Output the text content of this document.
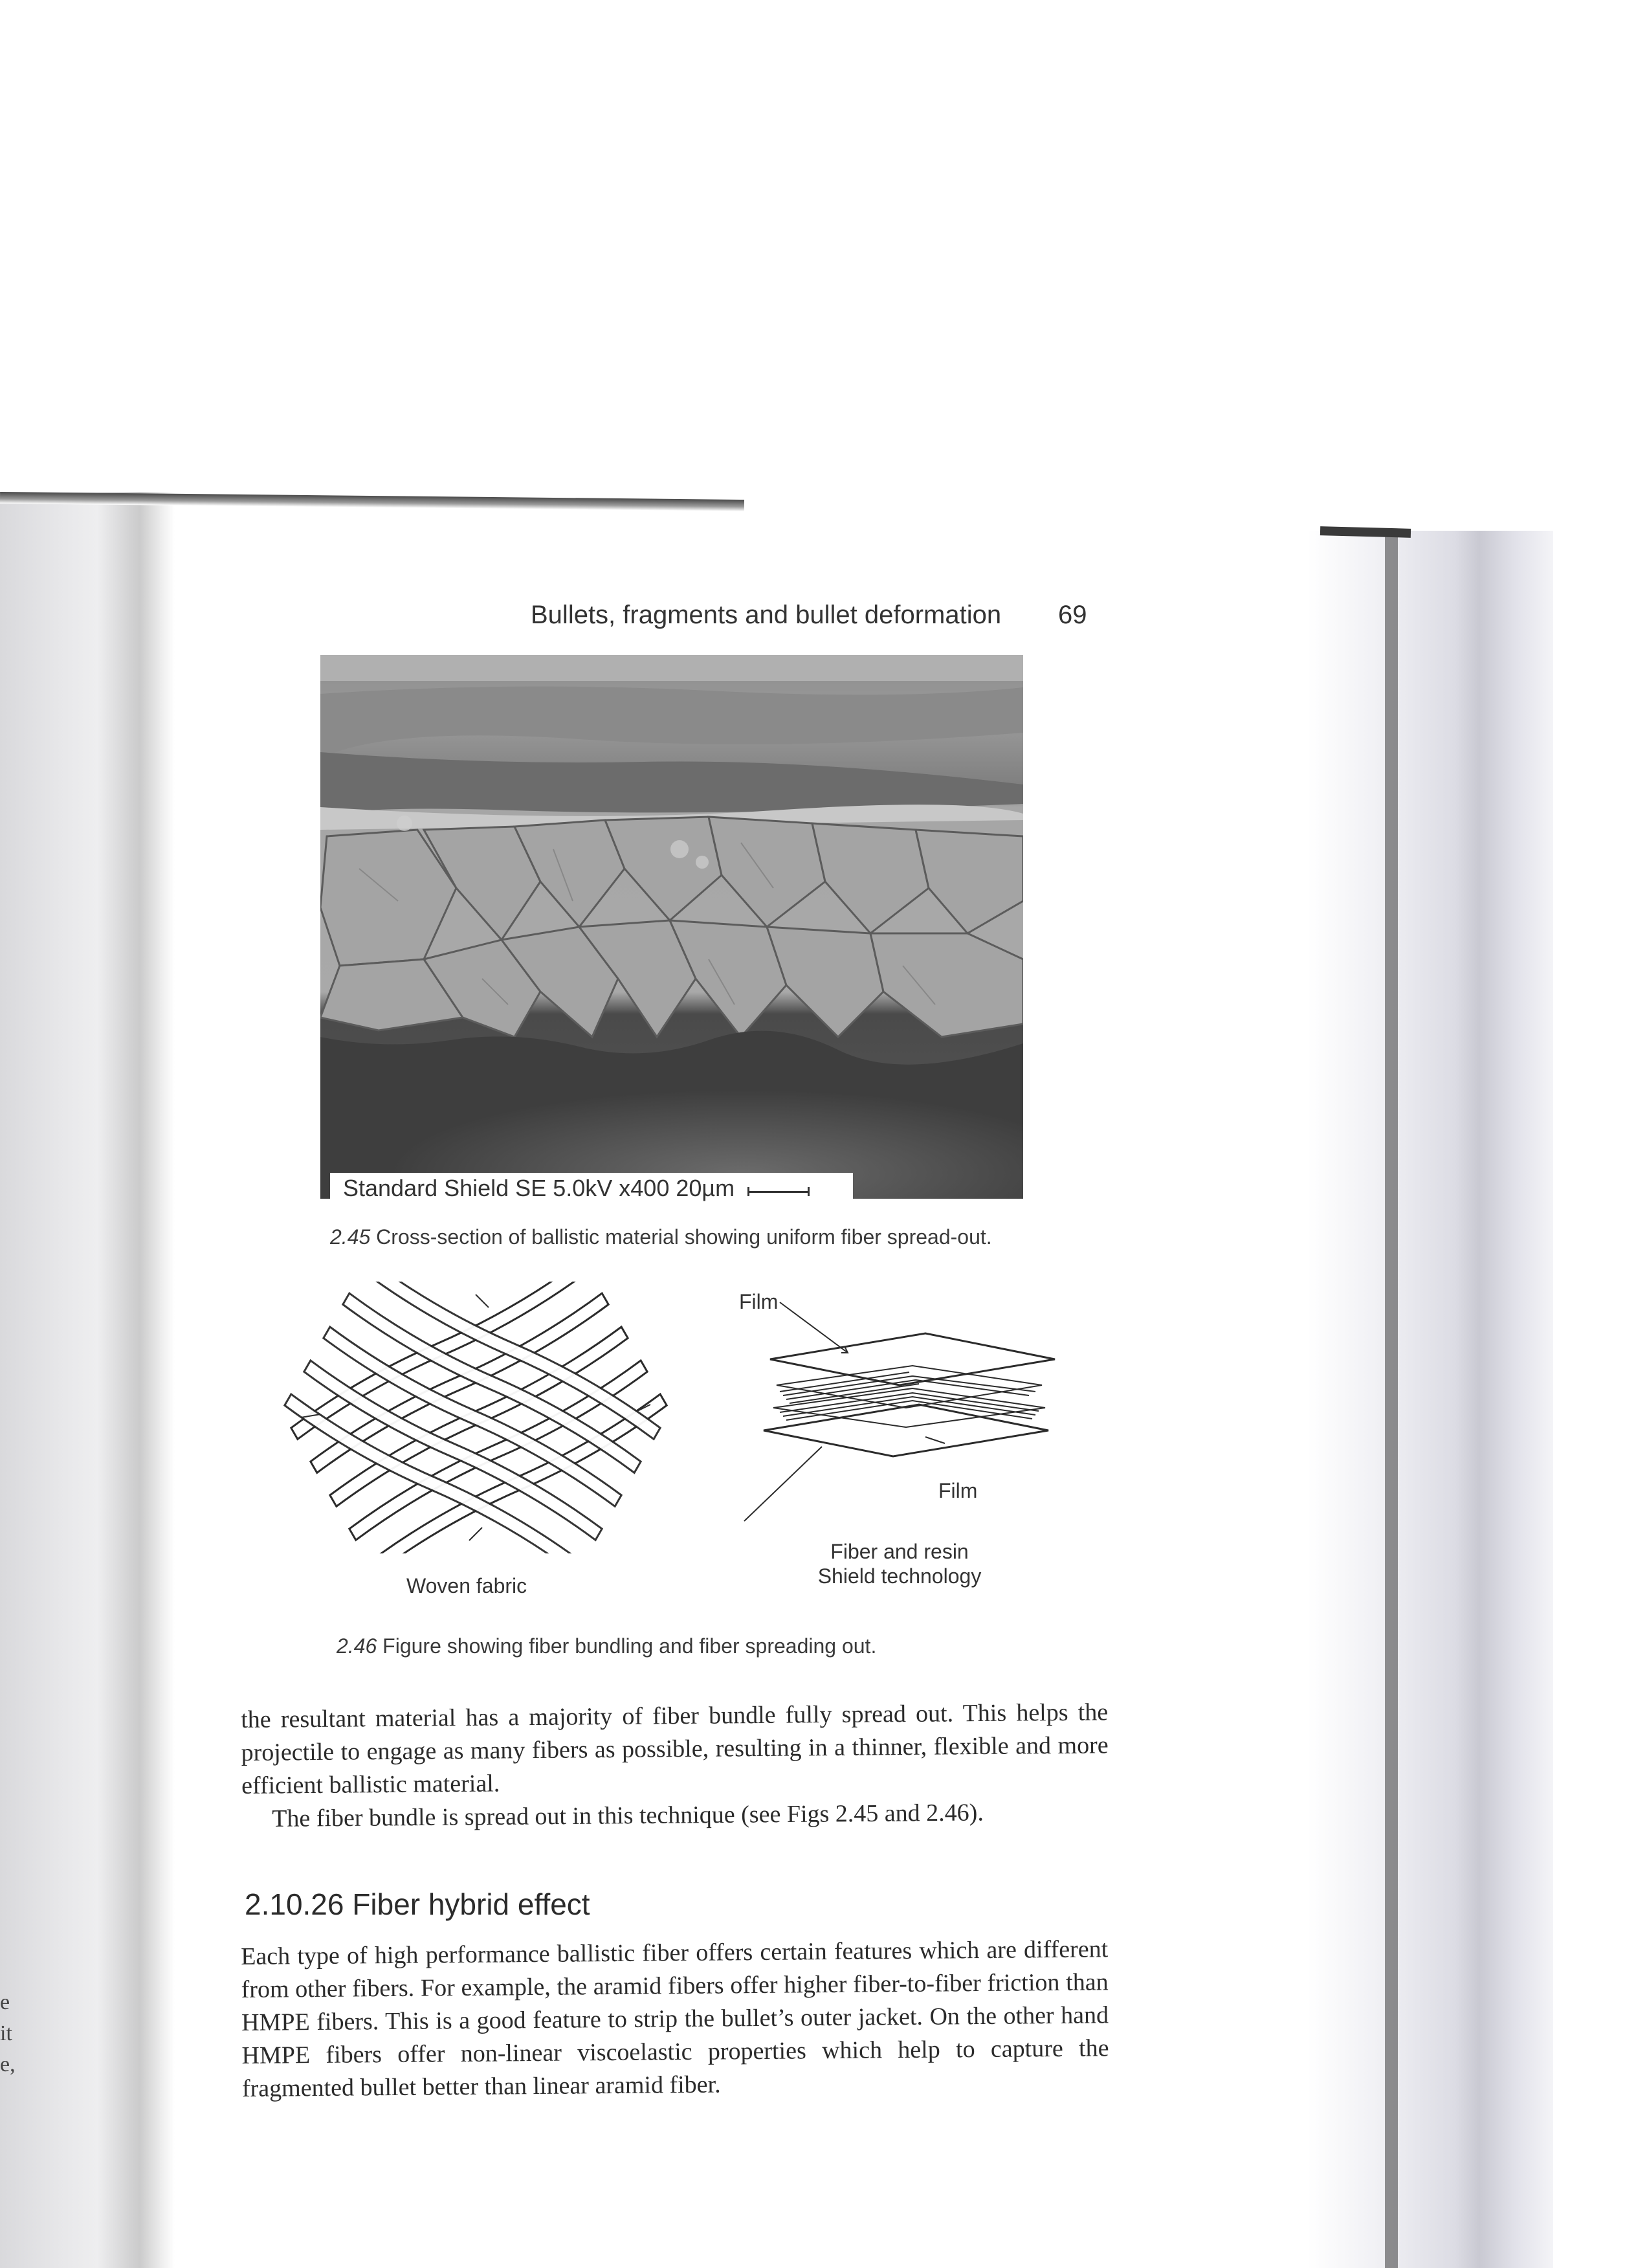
e
it
e,
Bullets, fragments and bullet deformation 69
Standard Shield SE 5.0kV x400 20µm
2.45 Cross-section of ballistic material showing uniform fiber spread-out.
Woven fabric
Film
Film
Fiber and resin
Shield technology
2.46 Figure showing fiber bundling and fiber spreading out.
the resultant material has a majority of fiber bundle fully spread out. This helps the projectile to engage as many fibers as possible, resulting in a thinner, flexible and more efficient ballistic material.
The fiber bundle is spread out in this technique (see Figs 2.45 and 2.46).
2.10.26 Fiber hybrid effect
Each type of high performance ballistic fiber offers certain features which are different from other fibers. For example, the aramid fibers offer higher fiber-to-fiber friction than HMPE fibers. This is a good feature to strip the bullet’s outer jacket. On the other hand HMPE fibers offer non-linear viscoelastic properties which help to capture the fragmented bullet better than linear aramid fiber.
